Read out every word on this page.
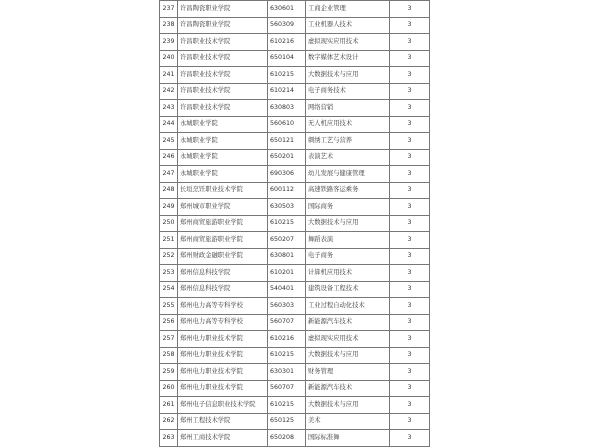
237	许昌陶瓷职业学院	630601	工商企业管理	3
238	许昌陶瓷职业学院	560309	工业机器人技术	3
239	许昌职业技术学院	610216	虚拟现实应用技术	3
240	许昌职业技术学院	650104	数字媒体艺术设计	3
241	许昌职业技术学院	610215	大数据技术与应用	3
242	许昌职业技术学院	610214	电子商务技术	3
243	许昌职业技术学院	630803	网络营销	3
244	永城职业学院	560610	无人机应用技术	3
245	永城职业学院	650121	刺绣工艺与营养	3
246	永城职业学院	650201	表演艺术	3
247	永城职业学院	690306	幼儿发展与健康管理	3
248	长垣烹饪职业技术学院	600112	高速铁路客运乘务	3
249	郑州城市职业学院	630503	国际商务	3
250	郑州商贸旅游职业学院	610215	大数据技术与应用	3
251	郑州商贸旅游职业学院	650207	舞蹈表演	3
252	郑州财政金融职业学院	630801	电子商务	3
253	郑州信息科技学院	610201	计算机应用技术	3
254	郑州信息科技学院	540401	建筑设备工程技术	3
255	郑州电力高等专科学校	560303	工业过程自动化技术	3
256	郑州电力高等专科学校	560707	新能源汽车技术	3
257	郑州电力职业技术学院	610216	虚拟现实应用技术	3
258	郑州电力职业技术学院	610215	大数据技术与应用	3
259	郑州电力职业技术学院	630301	财务管理	3
260	郑州电力职业技术学院	560707	新能源汽车技术	3
261	郑州电子信息职业技术学院	610215	大数据技术与应用	3
262	郑州工程技术学院	650125	美术	3
263	郑州工商技术学院	650208	国际标准舞	3
